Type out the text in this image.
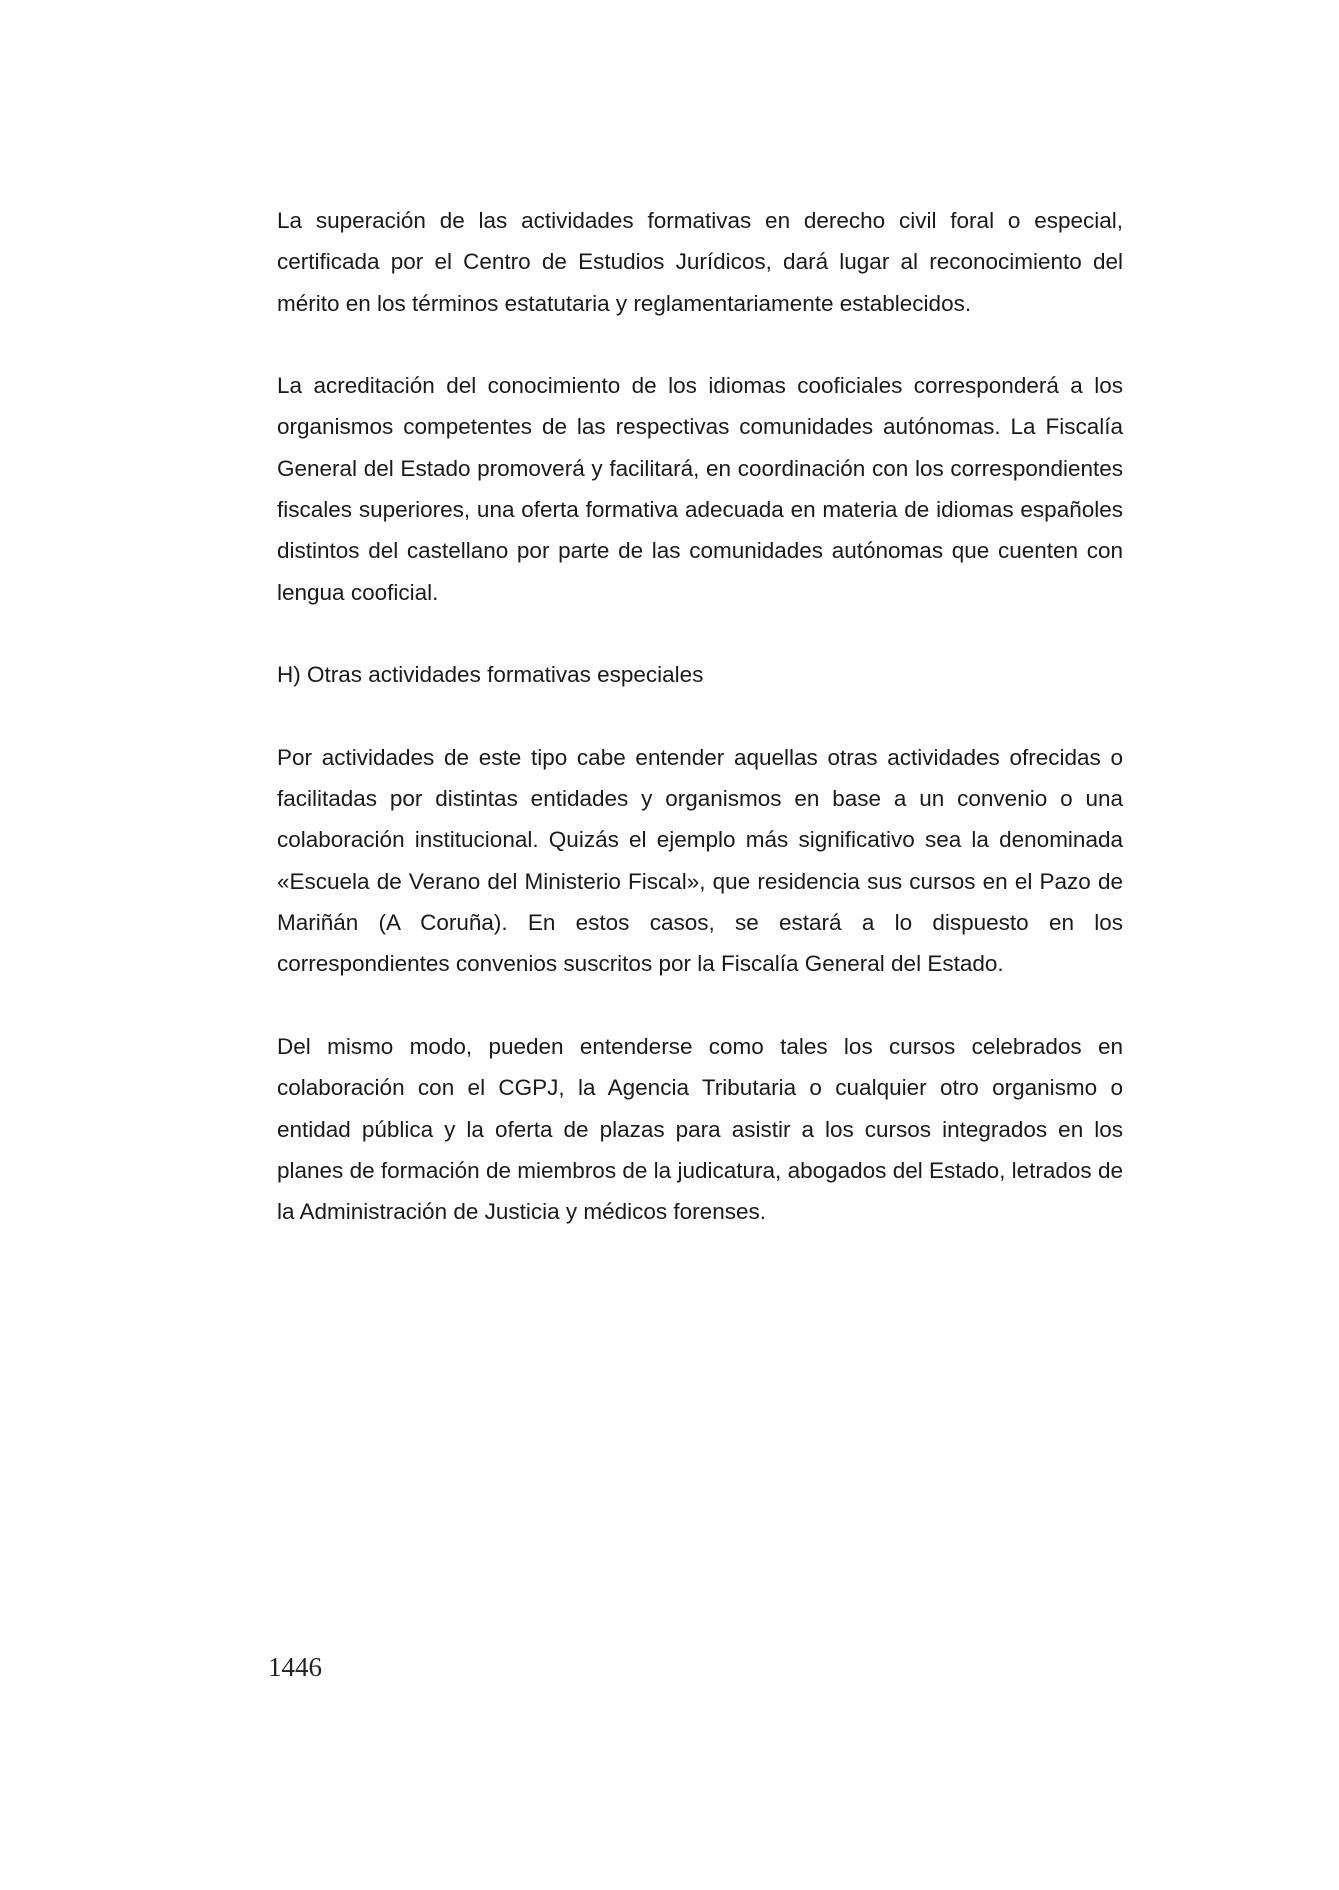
La superación de las actividades formativas en derecho civil foral o especial, certificada por el Centro de Estudios Jurídicos, dará lugar al reconocimiento del mérito en los términos estatutaria y reglamentariamente establecidos.

La acreditación del conocimiento de los idiomas cooficiales corresponderá a los organismos competentes de las respectivas comunidades autónomas. La Fiscalía General del Estado promoverá y facilitará, en coordinación con los correspondientes fiscales superiores, una oferta formativa adecuada en materia de idiomas españoles distintos del castellano por parte de las comunidades autónomas que cuenten con lengua cooficial.

H) Otras actividades formativas especiales

Por actividades de este tipo cabe entender aquellas otras actividades ofrecidas o facilitadas por distintas entidades y organismos en base a un convenio o una colaboración institucional. Quizás el ejemplo más significativo sea la denominada «Escuela de Verano del Ministerio Fiscal», que residencia sus cursos en el Pazo de Mariñán (A Coruña). En estos casos, se estará a lo dispuesto en los correspondientes convenios suscritos por la Fiscalía General del Estado.

Del mismo modo, pueden entenderse como tales los cursos celebrados en colaboración con el CGPJ, la Agencia Tributaria o cualquier otro organismo o entidad pública y la oferta de plazas para asistir a los cursos integrados en los planes de formación de miembros de la judicatura, abogados del Estado, letrados de la Administración de Justicia y médicos forenses.

1446
